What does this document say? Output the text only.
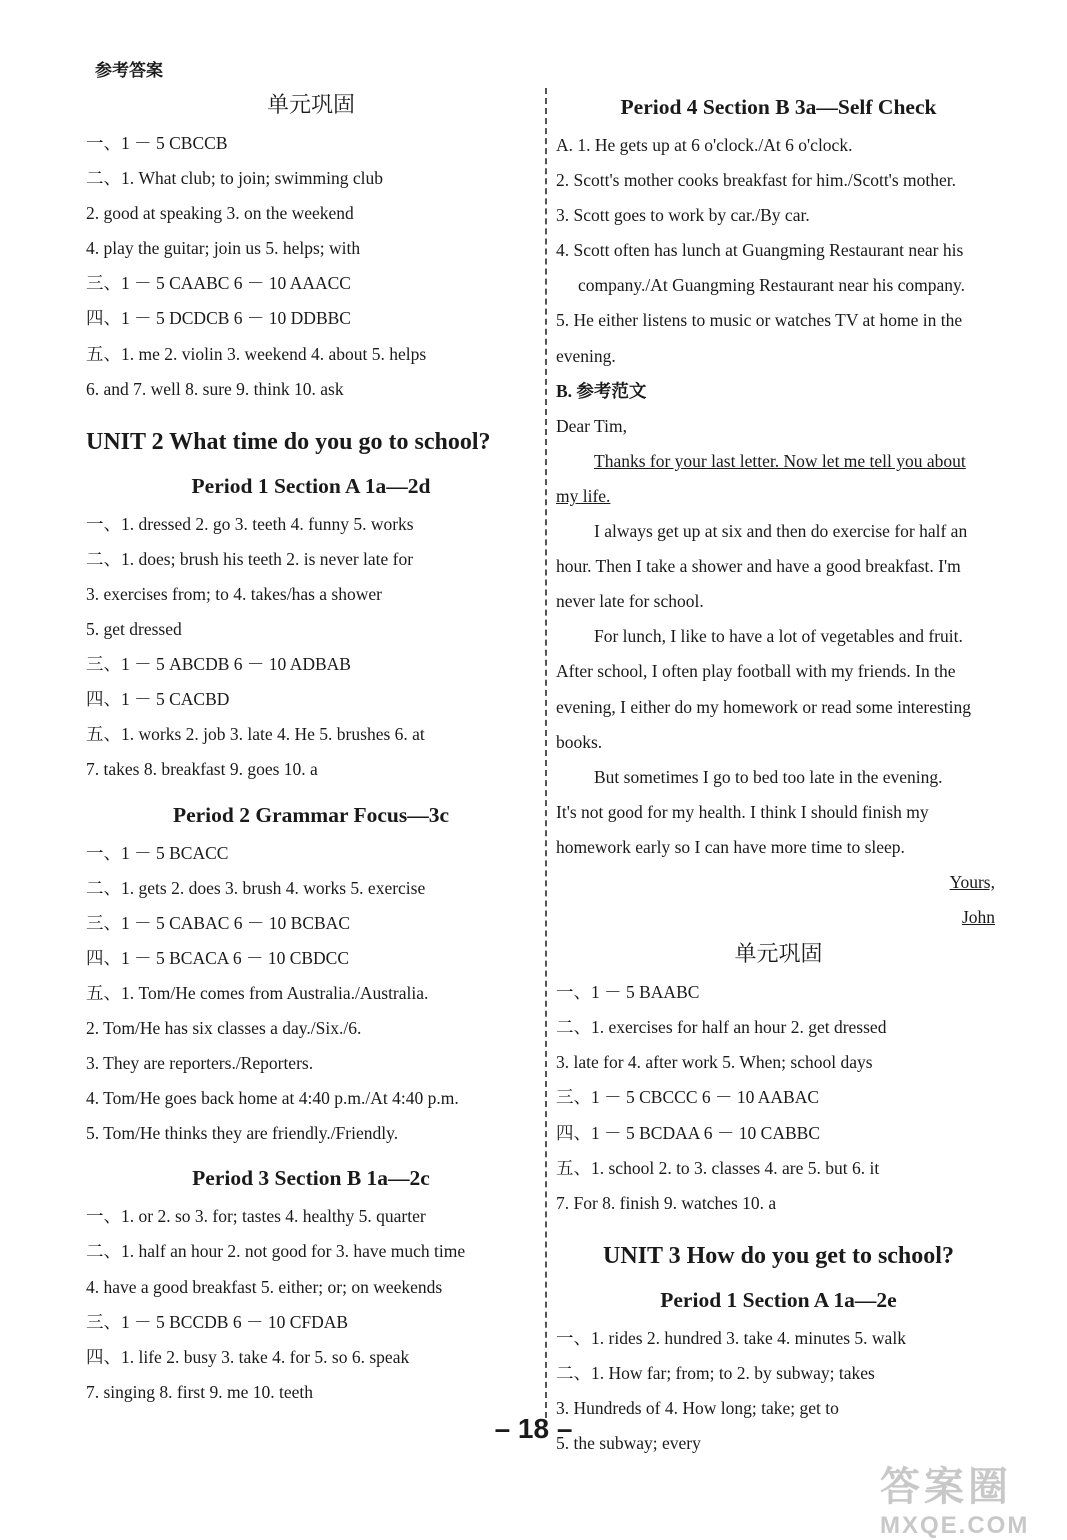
参考答案
单元巩固
一、1 － 5 CBCCB
二、1. What club; to join; swimming club
2. good at speaking 3. on the weekend
4. play the guitar; join us 5. helps; with
三、1 － 5 CAABC 6 － 10 AAACC
四、1 － 5 DCDCB 6 － 10 DDBBC
五、1. me 2. violin 3. weekend 4. about 5. helps
6. and 7. well 8. sure 9. think 10. ask
UNIT 2 What time do you go to school?
Period 1 Section A 1a—2d
一、1. dressed 2. go 3. teeth 4. funny 5. works
二、1. does; brush his teeth 2. is never late for
3. exercises from; to 4. takes/has a shower
5. get dressed
三、1 － 5 ABCDB 6 － 10 ADBAB
四、1 － 5 CACBD
五、1. works 2. job 3. late 4. He 5. brushes 6. at
7. takes 8. breakfast 9. goes 10. a
Period 2 Grammar Focus—3c
一、1 － 5 BCACC
二、1. gets 2. does 3. brush 4. works 5. exercise
三、1 － 5 CABAC 6 － 10 BCBAC
四、1 － 5 BCACA 6 － 10 CBDCC
五、1. Tom/He comes from Australia./Australia.
2. Tom/He has six classes a day./Six./6.
3. They are reporters./Reporters.
4. Tom/He goes back home at 4:40 p.m./At 4:40 p.m.
5. Tom/He thinks they are friendly./Friendly.
Period 3 Section B 1a—2c
一、1. or 2. so 3. for; tastes 4. healthy 5. quarter
二、1. half an hour 2. not good for 3. have much time
4. have a good breakfast 5. either; or; on weekends
三、1 － 5 BCCDB 6 － 10 CFDAB
四、1. life 2. busy 3. take 4. for 5. so 6. speak
7. singing 8. first 9. me 10. teeth
Period 4 Section B 3a—Self Check
A. 1. He gets up at 6 o'clock./At 6 o'clock.
2. Scott's mother cooks breakfast for him./Scott's mother.
3. Scott goes to work by car./By car.
4. Scott often has lunch at Guangming Restaurant near his
company./At Guangming Restaurant near his company.
5. He either listens to music or watches TV at home in the
evening.
B. 参考范文
Dear Tim,
Thanks for your last letter. Now let me tell you about
my life.
I always get up at six and then do exercise for half an
hour. Then I take a shower and have a good breakfast. I'm
never late for school.
For lunch, I like to have a lot of vegetables and fruit.
After school, I often play football with my friends. In the
evening, I either do my homework or read some interesting
books.
But sometimes I go to bed too late in the evening.
It's not good for my health. I think I should finish my
homework early so I can have more time to sleep.
Yours,
John
单元巩固
一、1 － 5 BAABC
二、1. exercises for half an hour 2. get dressed
3. late for 4. after work 5. When; school days
三、1 － 5 CBCCC 6 － 10 AABAC
四、1 － 5 BCDAA 6 － 10 CABBC
五、1. school 2. to 3. classes 4. are 5. but 6. it
7. For 8. finish 9. watches 10. a
UNIT 3 How do you get to school?
Period 1 Section A 1a—2e
一、1. rides 2. hundred 3. take 4. minutes 5. walk
二、1. How far; from; to 2. by subway; takes
3. Hundreds of 4. How long; take; get to
5. the subway; every
– 18 –
答案圈
MXQE.COM
